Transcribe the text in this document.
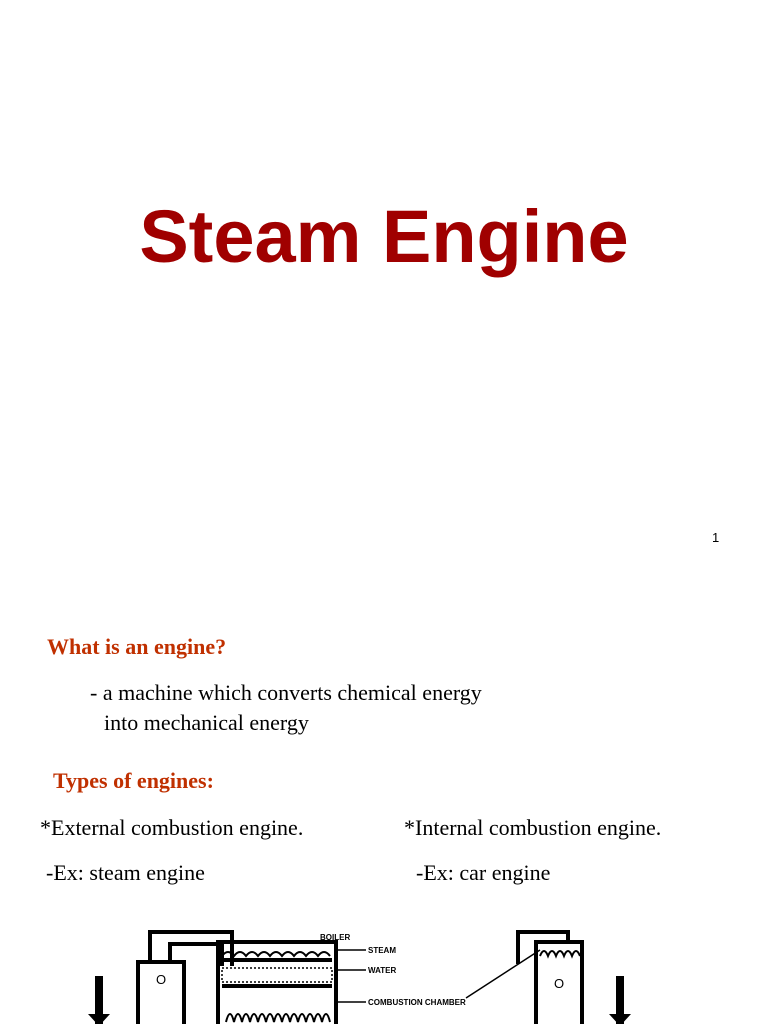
Steam Engine
1

What is an engine?

- a machine which converts chemical energy

into mechanical energy

Types of engines:

*External combustion engine.	*Internal combustion engine.

-Ex: steam engine	-Ex: car engine

O
BOILER
STEAM
WATER
COMBUSTION CHAMBER
O
